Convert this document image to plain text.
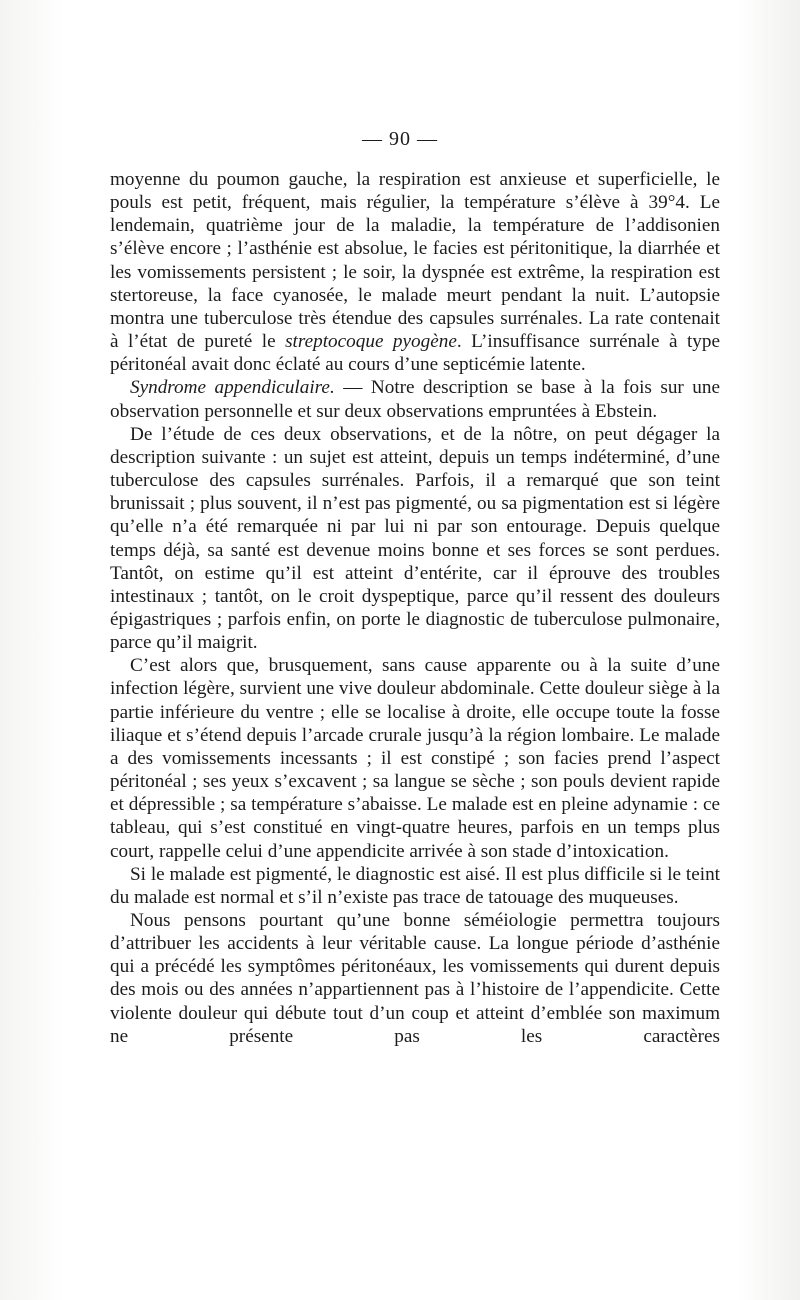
— 90 —

moyenne du poumon gauche, la respiration est anxieuse et superficielle, le pouls est petit, fréquent, mais régulier, la température s’élève à 39°4. Le lendemain, quatrième jour de la maladie, la température de l’addisonien s’élève encore ; l’asthénie est absolue, le facies est péritonitique, la diarrhée et les vomissements persistent ; le soir, la dyspnée est extrême, la respiration est stertoreuse, la face cyanosée, le malade meurt pendant la nuit. L’autopsie montra une tuberculose très étendue des capsules surrénales. La rate contenait à l’état de pureté le streptocoque pyogène. L’insuffisance surrénale à type péritonéal avait donc éclaté au cours d’une septicémie latente.

Syndrome appendiculaire. — Notre description se base à la fois sur une observation personnelle et sur deux observations empruntées à Ebstein.

De l’étude de ces deux observations, et de la nôtre, on peut dégager la description suivante : un sujet est atteint, depuis un temps indéterminé, d’une tuberculose des capsules surrénales. Parfois, il a remarqué que son teint brunissait ; plus souvent, il n’est pas pigmenté, ou sa pigmentation est si légère qu’elle n’a été remarquée ni par lui ni par son entourage. Depuis quelque temps déjà, sa santé est devenue moins bonne et ses forces se sont perdues. Tantôt, on estime qu’il est atteint d’entérite, car il éprouve des troubles intestinaux ; tantôt, on le croit dyspeptique, parce qu’il ressent des douleurs épigastriques ; parfois enfin, on porte le diagnostic de tuberculose pulmonaire, parce qu’il maigrit.

C’est alors que, brusquement, sans cause apparente ou à la suite d’une infection légère, survient une vive douleur abdominale. Cette douleur siège à la partie inférieure du ventre ; elle se localise à droite, elle occupe toute la fosse iliaque et s’étend depuis l’arcade crurale jusqu’à la région lombaire. Le malade a des vomissements incessants ; il est constipé ; son facies prend l’aspect péritonéal ; ses yeux s’excavent ; sa langue se sèche ; son pouls devient rapide et dépressible ; sa température s’abaisse. Le malade est en pleine adynamie : ce tableau, qui s’est constitué en vingt-quatre heures, parfois en un temps plus court, rappelle celui d’une appendicite arrivée à son stade d’intoxication.

Si le malade est pigmenté, le diagnostic est aisé. Il est plus difficile si le teint du malade est normal et s’il n’existe pas trace de tatouage des muqueuses.

Nous pensons pourtant qu’une bonne séméiologie permettra toujours d’attribuer les accidents à leur véritable cause. La longue période d’asthénie qui a précédé les symptômes péritonéaux, les vomissements qui durent depuis des mois ou des années n’appartiennent pas à l’histoire de l’appendicite. Cette violente douleur qui débute tout d’un coup et atteint d’emblée son maximum ne présente pas les caractères
